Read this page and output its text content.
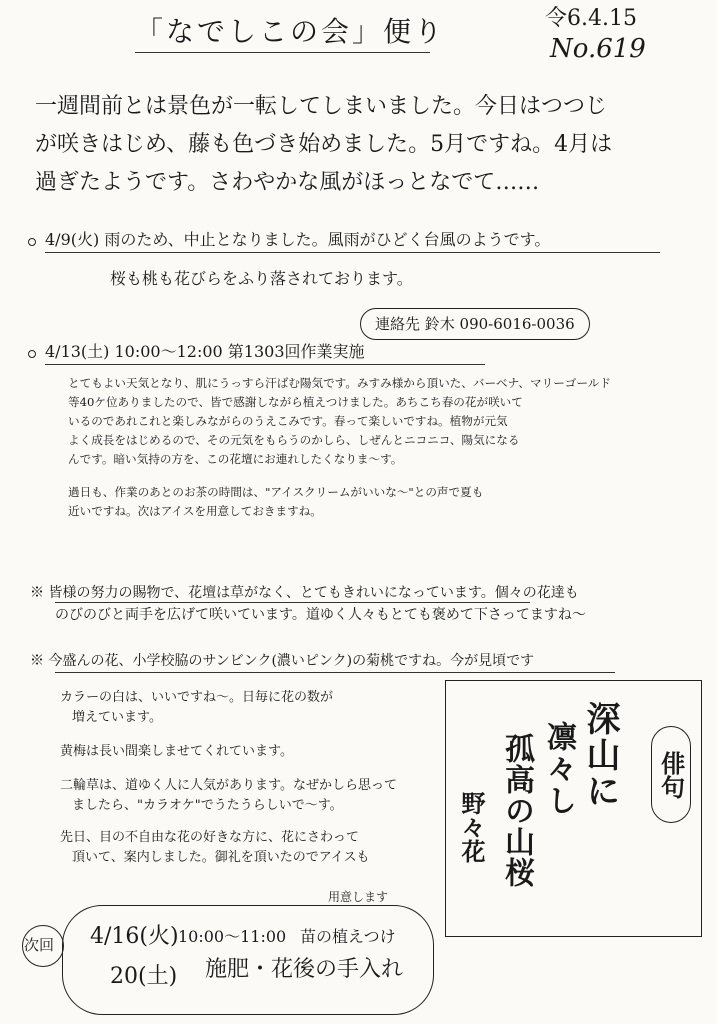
「なでしこの会」便り	令6.4.15
No.619
一週間前とは景色が一転してしまいました。今日はつつじ
が咲きはじめ、藤も色づき始めました。5月ですね。4月は
過ぎたようです。さわやかな風がほっとなでて……
4/9(火) 雨のため、中止となりました。風雨がひどく台風のようです。
桜も桃も花びらをふり落されております。
連絡先 鈴木 090-6016-0036
4/13(土) 10:00～12:00 第1303回作業実施
とてもよい天気となり、肌にうっすら汗ばむ陽気です。みすみ様から頂いた、バーベナ、マリーゴールド
等40ケ位ありましたので、皆で感謝しながら植えつけました。あちこち春の花が咲いて
いるのであれこれと楽しみながらのうえこみです。春って楽しいですね。植物が元気
よく成長をはじめるので、その元気をもらうのかしら、しぜんとニコニコ、陽気になる
んです。暗い気持の方を、この花壇にお連れしたくなりま～す。
過日も、作業のあとのお茶の時間は、"アイスクリームがいいな～"との声で夏も
近いですね。次はアイスを用意しておきますね。
※ 皆様の努力の賜物で、花壇は草がなく、とてもきれいになっています。個々の花達も
のびのびと両手を広げて咲いています。道ゆく人々もとても褒めて下さってますね～
※ 今盛んの花、小学校脇のサンビンク(濃いピンク)の菊桃ですね。今が見頃です
カラーの白は、いいですね～。日毎に花の数が
増えています。
黄梅は長い間楽しませてくれています。
二輪草は、道ゆく人に人気があります。なぜかしら思って
ましたら、"カラオケ"でうたうらしいで～す。
先日、目の不自由な花の好きな方に、花にさわって
頂いて、案内しました。御礼を頂いたのでアイスも
用意します
俳句
深山に
凛々し
孤高の山桜
野々花
次回 4/16(火)
20(土)
10:00～11:00 苗の植えつけ
施肥・花後の手入れ
